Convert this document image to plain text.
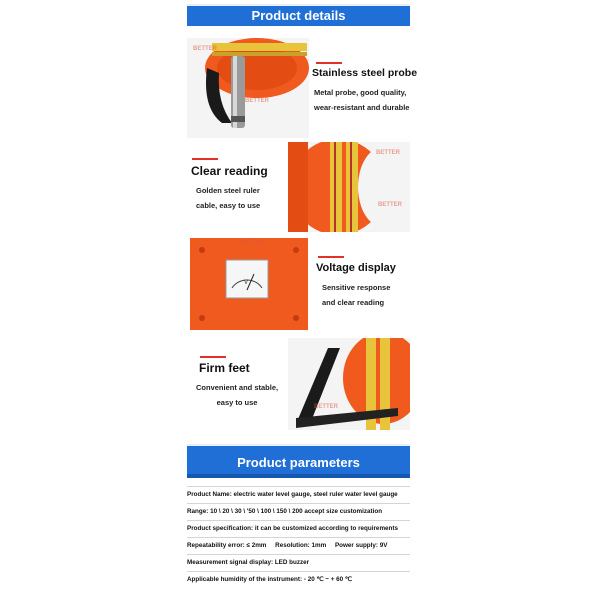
Product details
BETTER
BETTER
Stainless steel probe
Metal probe, good quality,
wear-resistant and durable
Clear reading
Golden steel ruler
cable, easy to use
BETTER
BETTER
V
BETTER
Voltage display
Sensitive response
and clear reading
Firm feet
Convenient and stable,
easy to use	BETTER
Product parameters
Product Name: electric water level gauge, steel ruler water level gauge
Range: 10 \ 20 \ 30 \ '50 \ 100 \ 150 \ 200 accept size customization
Product specification: it can be customized according to requirements
Repeatability error: ≤ 2mm     Resolution: 1mm     Power supply: 9V
Measurement signal display: LED buzzer
Applicable humidity of the instrument: - 20 ℃ ~ + 60 ℃
